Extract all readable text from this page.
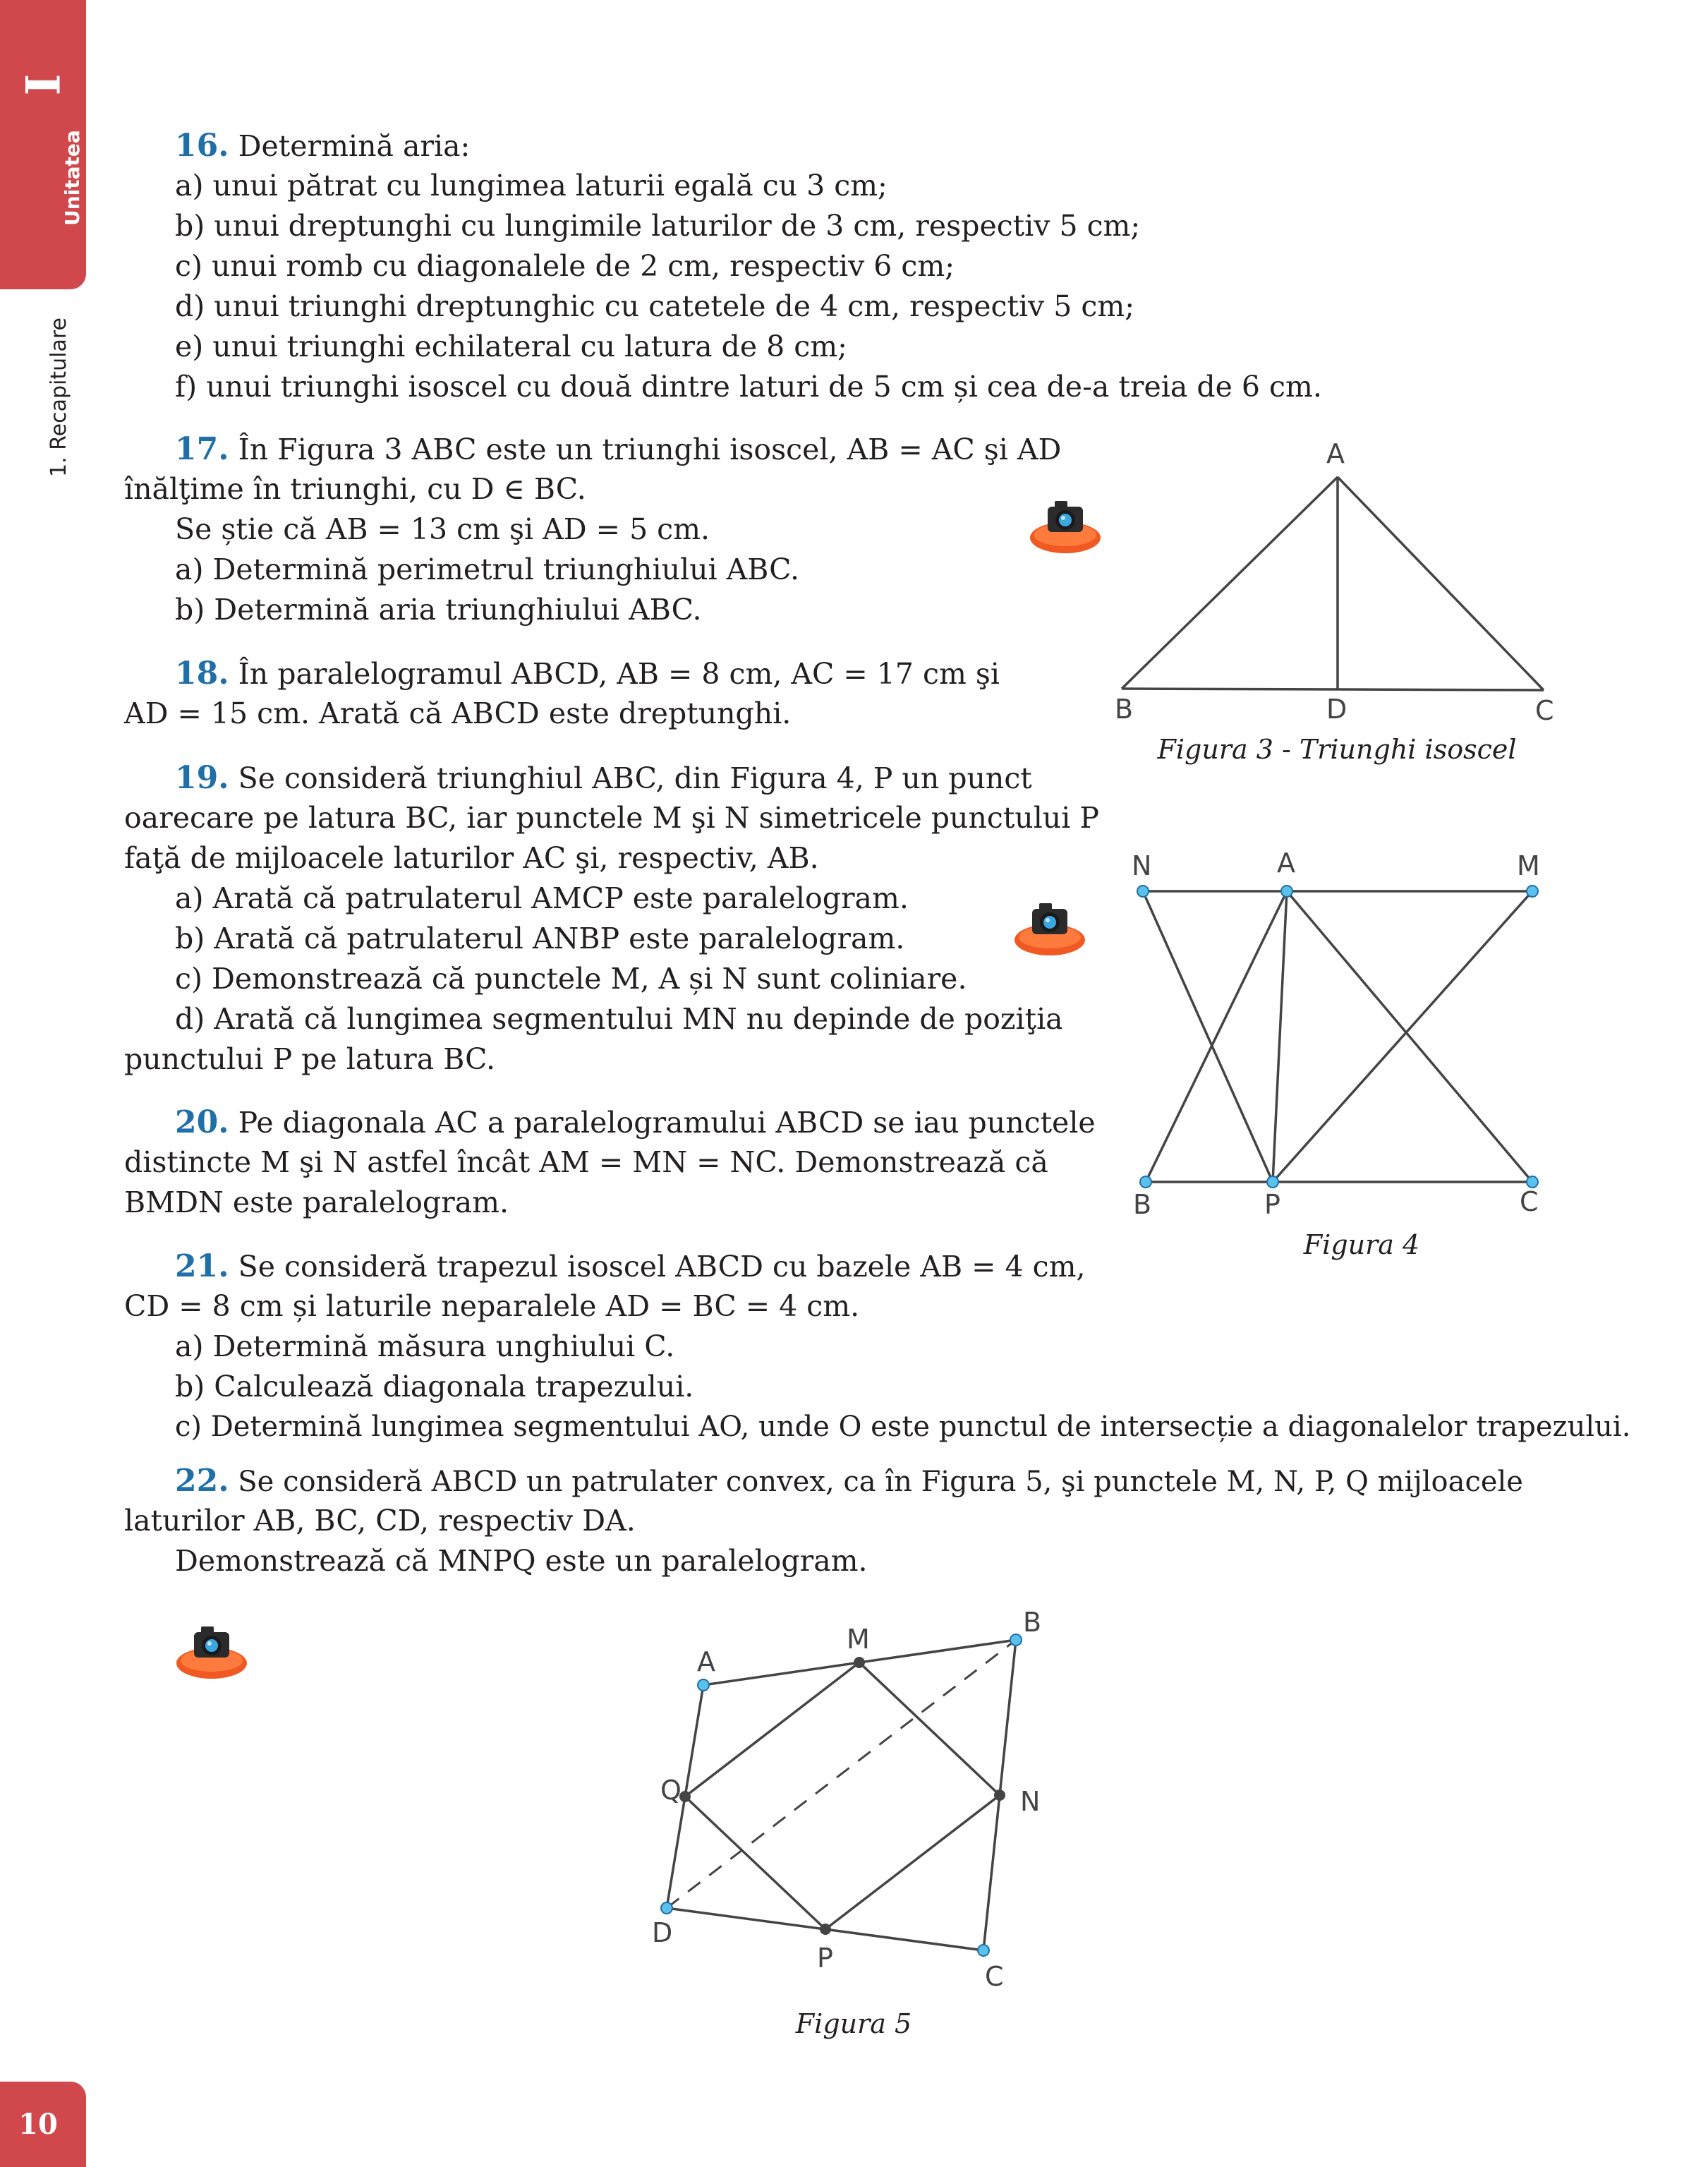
I
Unitatea
1. Recapitulare
10
16. Determină aria:
a) unui pătrat cu lungimea laturii egală cu 3 cm;
b) unui dreptunghi cu lungimile laturilor de 3 cm, respectiv 5 cm;
c) unui romb cu diagonalele de 2 cm, respectiv 6 cm;
d) unui triunghi dreptunghic cu catetele de 4 cm, respectiv 5 cm;
e) unui triunghi echilateral cu latura de 8 cm;
f) unui triunghi isoscel cu două dintre laturi de 5 cm și cea de-a treia de 6 cm.
17. În Figura 3 ABC este un triunghi isoscel, AB = AC şi AD
înălţime în triunghi, cu D ∈ BC.
Se știe că AB = 13 cm şi AD = 5 cm.
a) Determină perimetrul triunghiului ABC.
b) Determină aria triunghiului ABC.
18. În paralelogramul ABCD, AB = 8 cm, AC = 17 cm şi
AD = 15 cm. Arată că ABCD este dreptunghi.
19. Se consideră triunghiul ABC, din Figura 4, P un punct
oarecare pe latura BC, iar punctele M şi N simetricele punctului P
faţă de mijloacele laturilor AC şi, respectiv, AB.
a) Arată că patrulaterul AMCP este paralelogram.
b) Arată că patrulaterul ANBP este paralelogram.
c) Demonstrează că punctele M, A și N sunt coliniare.
d) Arată că lungimea segmentului MN nu depinde de poziţia
punctului P pe latura BC.
20. Pe diagonala AC a paralelogramului ABCD se iau punctele
distincte M şi N astfel încât AM = MN = NC. Demonstrează că
BMDN este paralelogram.
21. Se consideră trapezul isoscel ABCD cu bazele AB = 4 cm,
CD = 8 cm și laturile neparalele AD = BC = 4 cm.
a) Determină măsura unghiului C.
b) Calculează diagonala trapezului.
c) Determină lungimea segmentului AO, unde O este punctul de intersecție a diagonalelor trapezului.
22. Se consideră ABCD un patrulater convex, ca în Figura 5, şi punctele M, N, P, Q mijloacele
laturilor AB, BC, CD, respectiv DA.
Demonstrează că MNPQ este un paralelogram.
A
B	D	C
Figura 3 - Triunghi isoscel
N	A	M
B	P	C
Figura 4
A
B
C
D
M
N
P
Q
Figura 5
